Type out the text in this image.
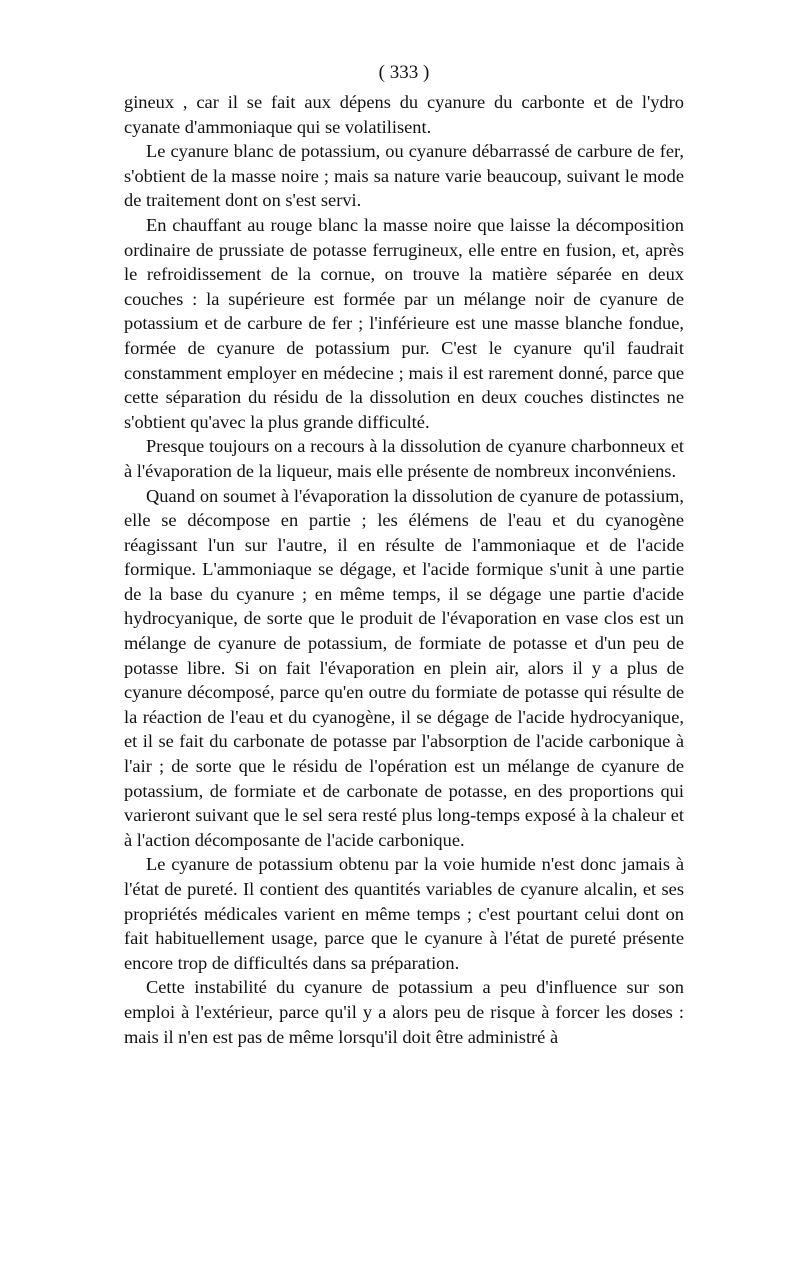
( 333 )

gineux , car il se fait aux dépens du cyanure du carbonte et de l'ydro cyanate d'ammoniaque qui se volatilisent.

Le cyanure blanc de potassium, ou cyanure débarrassé de carbure de fer, s'obtient de la masse noire ; mais sa nature varie beaucoup, suivant le mode de traitement dont on s'est servi.

En chauffant au rouge blanc la masse noire que laisse la décomposition ordinaire de prussiate de potasse ferrugineux, elle entre en fusion, et, après le refroidissement de la cornue, on trouve la matière séparée en deux couches : la supérieure est formée par un mélange noir de cyanure de potassium et de carbure de fer ; l'inférieure est une masse blanche fondue, formée de cyanure de potassium pur. C'est le cyanure qu'il faudrait constamment employer en médecine ; mais il est rarement donné, parce que cette séparation du résidu de la dissolution en deux couches distinctes ne s'obtient qu'avec la plus grande difficulté.

Presque toujours on a recours à la dissolution de cyanure charbonneux et à l'évaporation de la liqueur, mais elle présente de nombreux inconvéniens.

Quand on soumet à l'évaporation la dissolution de cyanure de potassium, elle se décompose en partie ; les élémens de l'eau et du cyanogène réagissant l'un sur l'autre, il en résulte de l'ammoniaque et de l'acide formique. L'ammoniaque se dégage, et l'acide formique s'unit à une partie de la base du cyanure ; en même temps, il se dégage une partie d'acide hydrocyanique, de sorte que le produit de l'évaporation en vase clos est un mélange de cyanure de potassium, de formiate de potasse et d'un peu de potasse libre. Si on fait l'évaporation en plein air, alors il y a plus de cyanure décomposé, parce qu'en outre du formiate de potasse qui résulte de la réaction de l'eau et du cyanogène, il se dégage de l'acide hydrocyanique, et il se fait du carbonate de potasse par l'absorption de l'acide carbonique à l'air ; de sorte que le résidu de l'opération est un mélange de cyanure de potassium, de formiate et de carbonate de potasse, en des proportions qui varieront suivant que le sel sera resté plus long-temps exposé à la chaleur et à l'action décomposante de l'acide carbonique.

Le cyanure de potassium obtenu par la voie humide n'est donc jamais à l'état de pureté. Il contient des quantités variables de cyanure alcalin, et ses propriétés médicales varient en même temps ; c'est pourtant celui dont on fait habituellement usage, parce que le cyanure à l'état de pureté présente encore trop de difficultés dans sa préparation.

Cette instabilité du cyanure de potassium a peu d'influence sur son emploi à l'extérieur, parce qu'il y a alors peu de risque à forcer les doses : mais il n'en est pas de même lorsqu'il doit être administré à
